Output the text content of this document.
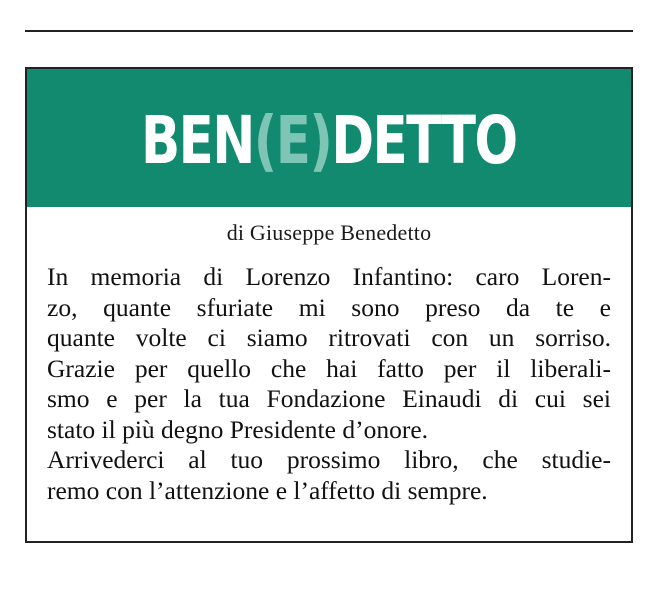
BEN(E)DETTO
di Giuseppe Benedetto
In memoria di Lorenzo Infantino: caro Loren-
zo, quante sfuriate mi sono preso da te e
quante volte ci siamo ritrovati con un sorriso.
Grazie per quello che hai fatto per il liberali-
smo e per la tua Fondazione Einaudi di cui sei
stato il più degno Presidente d’onore.
Arrivederci al tuo prossimo libro, che studie-
remo con l’attenzione e l’affetto di sempre.
